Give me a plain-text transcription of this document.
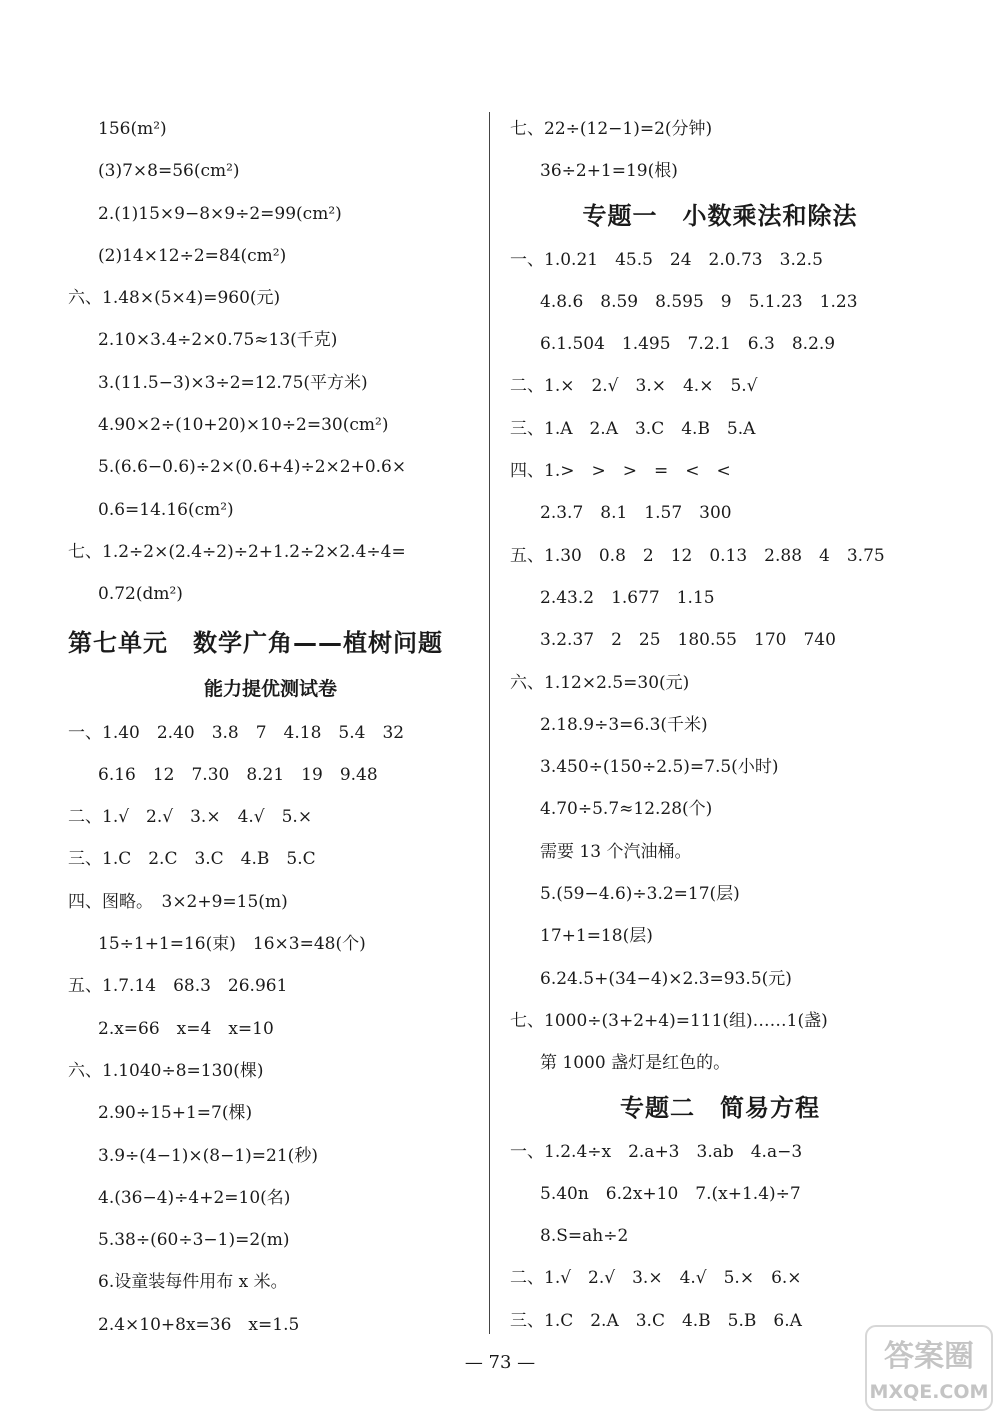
156(m²)
(3)7×8=56(cm²)
2.(1)15×9−8×9÷2=99(cm²)
(2)14×12÷2=84(cm²)
六、1.48×(5×4)=960(元)
2.10×3.4÷2×0.75≈13(千克)
3.(11.5−3)×3÷2=12.75(平方米)
4.90×2÷(10+20)×10÷2=30(cm²)
5.(6.6−0.6)÷2×(0.6+4)÷2×2+0.6×
0.6=14.16(cm²)
七、1.2÷2×(2.4÷2)÷2+1.2÷2×2.4÷4=
0.72(dm²)
第七单元　数学广角——植树问题
能力提优测试卷
一、1.40　2.40　3.8　7　4.18　5.4　32
6.16　12　7.30　8.21　19　9.48
二、1.√　2.√　3.×　4.√　5.×
三、1.C　2.C　3.C　4.B　5.C
四、图略。　3×2+9=15(m)
15÷1+1=16(束)　16×3=48(个)
五、1.7.14　68.3　26.961
2.x=66　x=4　x=10
六、1.1040÷8=130(棵)
2.90÷15+1=7(棵)
3.9÷(4−1)×(8−1)=21(秒)
4.(36−4)÷4+2=10(名)
5.38÷(60÷3−1)=2(m)
6.设童装每件用布 x 米。
2.4×10+8x=36　x=1.5
七、22÷(12−1)=2(分钟)
36÷2+1=19(根)
专题一　小数乘法和除法
一、1.0.21　45.5　24　2.0.73　3.2.5
4.8.6　8.59　8.595　9　5.1.23̇　1.23
6.1.504　1.495　7.2.1　6.3　8.2.9
二、1.×　2.√　3.×　4.×　5.√
三、1.A　2.A　3.C　4.B　5.A
四、1.>　>　>　=　<　<
2.3.7　8.1　1.57　300
五、1.30　0.8　2　12　0.13　2.88　4　3.75
2.43.2　1.677　1.15
3.2.37　2　25　180.55　170　740
六、1.12×2.5=30(元)
2.18.9÷3=6.3(千米)
3.450÷(150÷2.5)=7.5(小时)
4.70÷5.7≈12.28(个)
需要 13 个汽油桶。
5.(59−4.6)÷3.2=17(层)
17+1=18(层)
6.24.5+(34−4)×2.3=93.5(元)
七、1000÷(3+2+4)=111(组)……1(盏)
第 1000 盏灯是红色的。
专题二　简易方程
一、1.2.4÷x　2.a+3　3.ab　4.a−3
5.40n　6.2x+10　7.(x+1.4)÷7
8.S=ah÷2
二、1.√　2.√　3.×　4.√　5.×　6.×
三、1.C　2.A　3.C　4.B　5.B　6.A
— 73 —	答案圈
MXQE.COM
